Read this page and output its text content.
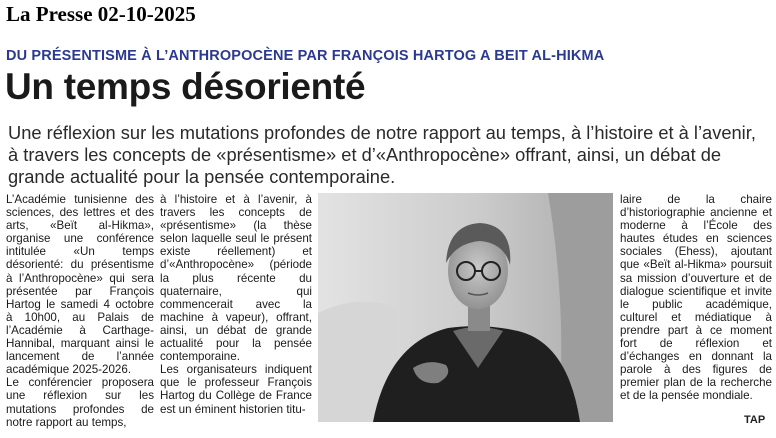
La Presse 02-10-2025
DU PRÉSENTISME À L’ANTHROPOCÈNE PAR FRANÇOIS HARTOG A BEIT AL-HIKMA
Un temps désorienté

Une réflexion sur les mutations profondes de notre rapport au temps, à l’histoire et à l’avenir, à travers les concepts de «présentisme» et d’«Anthropocène» offrant, ainsi, un débat de grande actualité pour la pensée contemporaine.

L’Académie tunisienne des sciences, des lettres et des arts, «Beït al-Hikma», organise une conférence intitulée «Un temps désorienté: du présentisme à l’Anthropocène» qui sera présentée par François Hartog le samedi 4 octobre à 10h00, au Palais de l’Académie à Carthage-Hannibal, marquant ainsi le lancement de l’année académique 2025-2026.

Le conférencier proposera une réflexion sur les mutations profondes de notre rapport au temps,

à l’histoire et à l’avenir, à travers les concepts de «présentisme» (la thèse selon laquelle seul le présent existe réellement) et d’«Anthropocène» (période la plus récente du quaternaire, qui commencerait avec la machine à vapeur), offrant, ainsi, un débat de grande actualité pour la pensée contemporaine.

Les organisateurs indiquent que le professeur François Hartog du Collège de France est un éminent historien titu-

laire de la chaire d’historiographie ancienne et moderne à l’École des hautes études en sciences sociales (Ehess), ajoutant que «Beït al-Hikma» poursuit sa mission d’ouverture et de dialogue scientifique et invite le public académique, culturel et médiatique à prendre part à ce moment fort de réflexion et d’échanges en donnant la parole à des figures de premier plan de la recherche et de la pensée mondiale.

TAP
